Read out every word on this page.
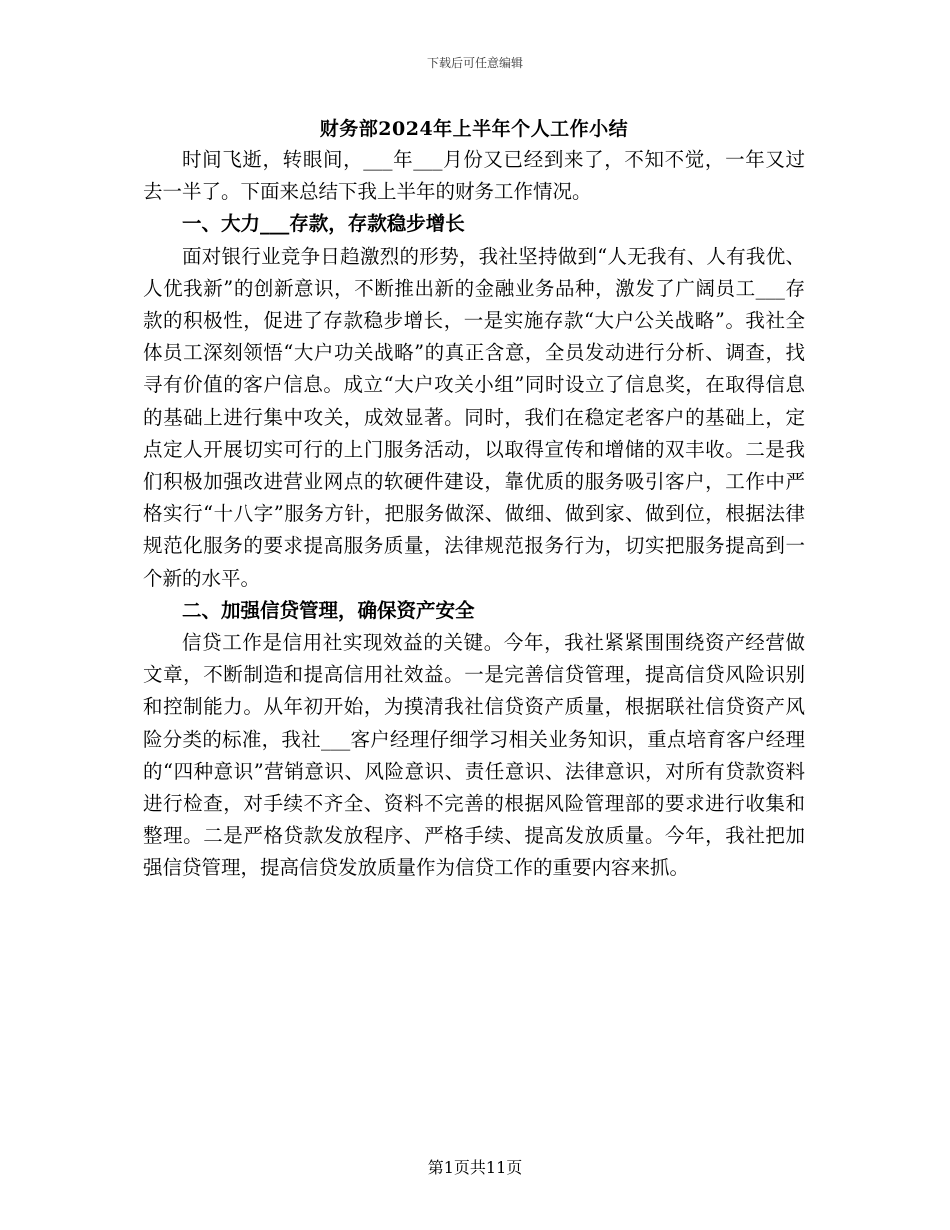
下载后可任意编辑
财务部2024年上半年个人工作小结

时间飞逝，转眼间，___年___月份又已经到来了，不知不觉，一年又过去一半了。下面来总结下我上半年的财务工作情况。

一、大力___存款，存款稳步增长

面对银行业竞争日趋激烈的形势，我社坚持做到“人无我有、人有我优、人优我新”的创新意识，不断推出新的金融业务品种，激发了广阔员工___存款的积极性，促进了存款稳步增长，一是实施存款“大户公关战略”。我社全体员工深刻领悟“大户功关战略”的真正含意，全员发动进行分析、调查，找寻有价值的客户信息。成立“大户攻关小组”同时设立了信息奖，在取得信息的基础上进行集中攻关，成效显著。同时，我们在稳定老客户的基础上，定点定人开展切实可行的上门服务活动，以取得宣传和增储的双丰收。二是我们积极加强改进营业网点的软硬件建设，靠优质的服务吸引客户，工作中严格实行“十八字”服务方针，把服务做深、做细、做到家、做到位，根据法律规范化服务的要求提高服务质量，法律规范报务行为，切实把服务提高到一个新的水平。

二、加强信贷管理，确保资产安全

信贷工作是信用社实现效益的关键。今年，我社紧紧围围绕资产经营做文章，不断制造和提高信用社效益。一是完善信贷管理，提高信贷风险识别和控制能力。从年初开始，为摸清我社信贷资产质量，根据联社信贷资产风险分类的标准，我社___客户经理仔细学习相关业务知识，重点培育客户经理的“四种意识”营销意识、风险意识、责任意识、法律意识，对所有贷款资料进行检查，对手续不齐全、资料不完善的根据风险管理部的要求进行收集和整理。二是严格贷款发放程序、严格手续、提高发放质量。今年，我社把加强信贷管理，提高信贷发放质量作为信贷工作的重要内容来抓。

第1页共11页
